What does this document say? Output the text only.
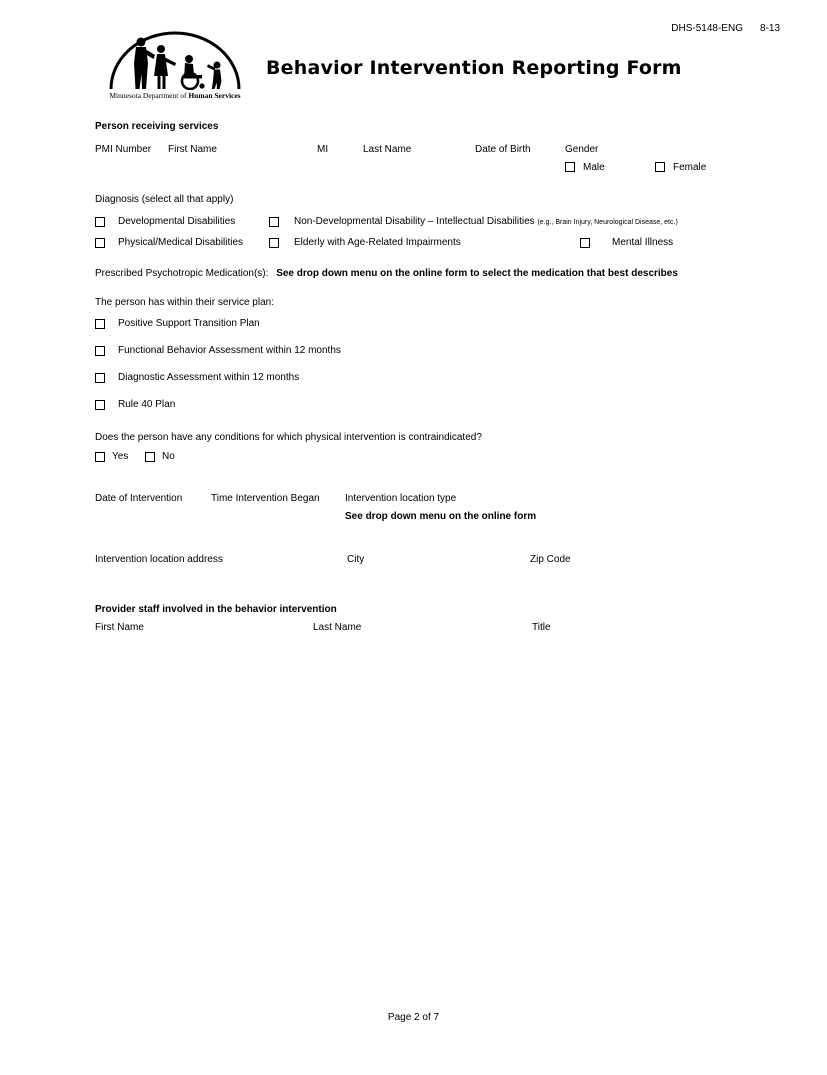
DHS-5148-ENG 8-13
Minnesota Department of Human Services
Behavior Intervention Reporting Form
Person receiving services
PMI Number First Name	MI	Last Name	Date of Birth	Gender
Male	Female
Diagnosis (select all that apply)
Developmental Disabilities	Non-Developmental Disability – Intellectual Disabilities (e.g., Brain Injury, Neurological Disease, etc.)
Physical/Medical Disabilities	Elderly with Age-Related Impairments	Mental Illness
Prescribed Psychotropic Medication(s): See drop down menu on the online form to select the medication that best describes
The person has within their service plan:
Positive Support Transition Plan
Functional Behavior Assessment within 12 months
Diagnostic Assessment within 12 months
Rule 40 Plan
Does the person have any conditions for which physical intervention is contraindicated?
Yes	No
Date of Intervention	Time Intervention Began	Intervention location type
See drop down menu on the online form
Intervention location address	City	Zip Code
Provider staff involved in the behavior intervention
First Name	Last Name	Title
Page 2 of 7
